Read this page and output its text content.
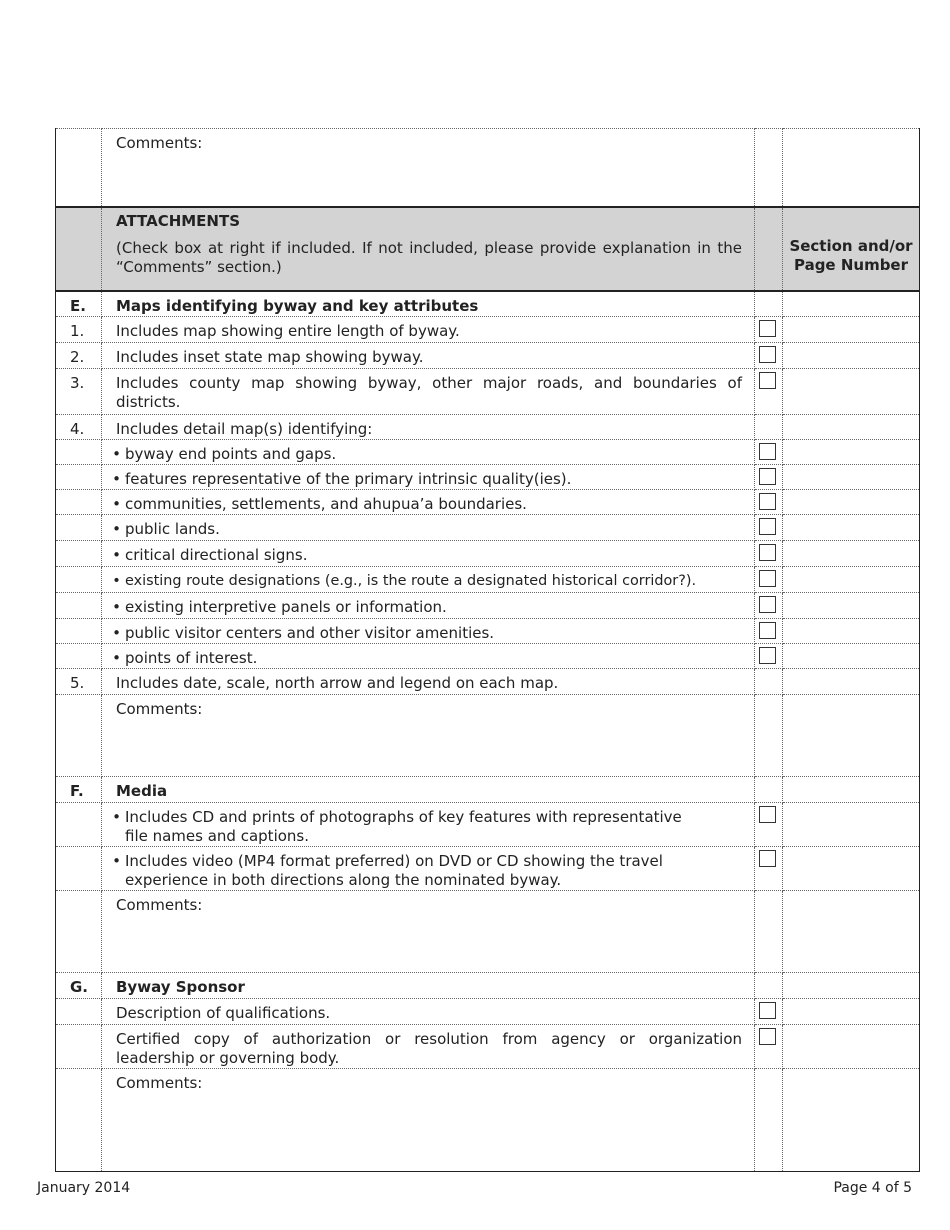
	Comments:		

	ATTACHMENTS
(Check box at right if included. If not included, please provide explanation in the “Comments” section.)		Section and/or Page Number
E.	Maps identifying byway and key attributes		
1.	Includes map showing entire length of byway.	

2.	Includes inset state map showing byway.	

3.	Includes county map showing byway, other major roads, and boundaries of districts.	

4.	Includes detail map(s) identifying:		
	• byway end points and gaps.	

	• features representative of the primary intrinsic quality(ies).	

	• communities, settlements, and ahupua’a boundaries.	

	• public lands.	

	• critical directional signs.	

	• existing route designations (e.g., is the route a designated historical corridor?).	

	• existing interpretive panels or information.	

	• public visitor centers and other visitor amenities.	

	• points of interest.	

5.	Includes date, scale, north arrow and legend on each map.		
	Comments:		
F.	Media		
	• Includes CD and prints of photographs of key features with representative file names and captions.	

	• Includes video (MP4 format preferred) on DVD or CD showing the travel experience in both directions along the nominated byway.	

	Comments:		
G.	Byway Sponsor		
	Description of qualifications.	

	Certified copy of authorization or resolution from agency or organization leadership or governing body.	

	Comments:		
January 2014	Page 4 of 5
